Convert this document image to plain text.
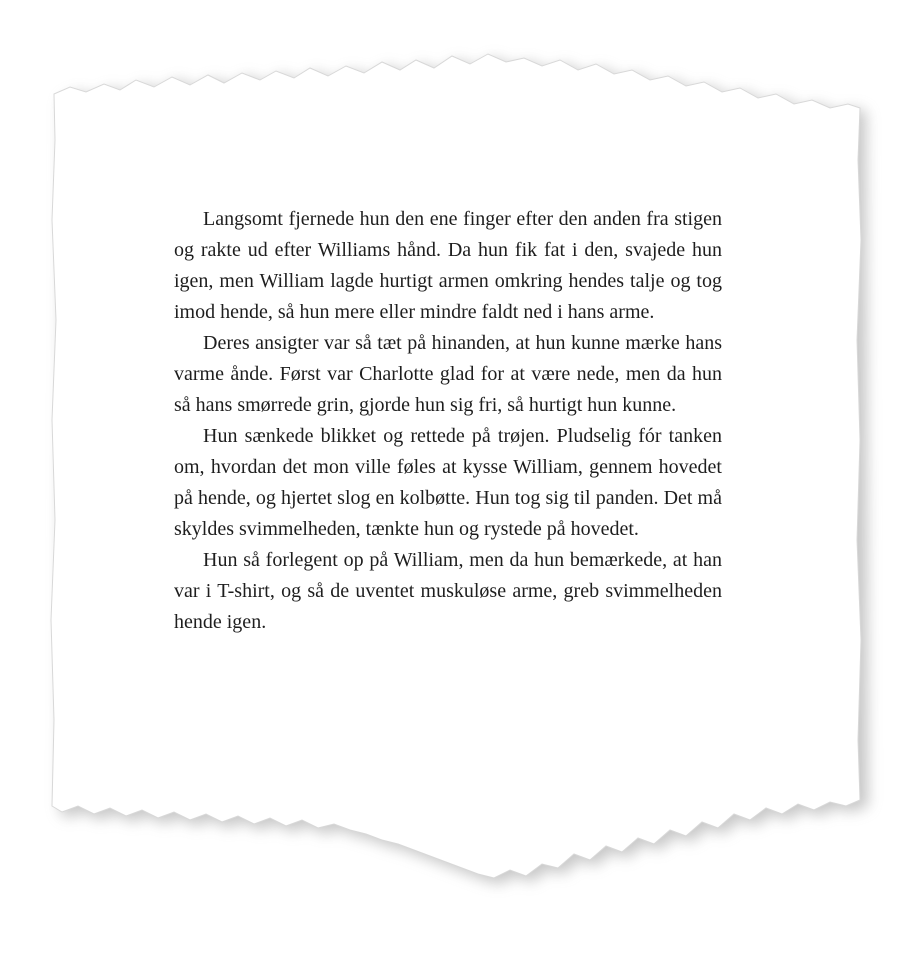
Langsomt fjernede hun den ene finger efter den anden fra stigen og rakte ud efter Williams hånd. Da hun fik fat i den, svajede hun igen, men William lagde hurtigt armen omkring hendes talje og tog imod hende, så hun mere eller mindre faldt ned i hans arme.

Deres ansigter var så tæt på hinanden, at hun kunne mærke hans varme ånde. Først var Charlotte glad for at være nede, men da hun så hans smørrede grin, gjorde hun sig fri, så hurtigt hun kunne.

Hun sænkede blikket og rettede på trøjen. Pludselig fór tanken om, hvordan det mon ville føles at kysse William, gennem hovedet på hende, og hjertet slog en kolbøtte. Hun tog sig til panden. Det må skyldes svimmelheden, tænkte hun og rystede på hovedet.

Hun så forlegent op på William, men da hun bemærkede, at han var i T-shirt, og så de uventet muskuløse arme, greb svimmelheden hende igen.
